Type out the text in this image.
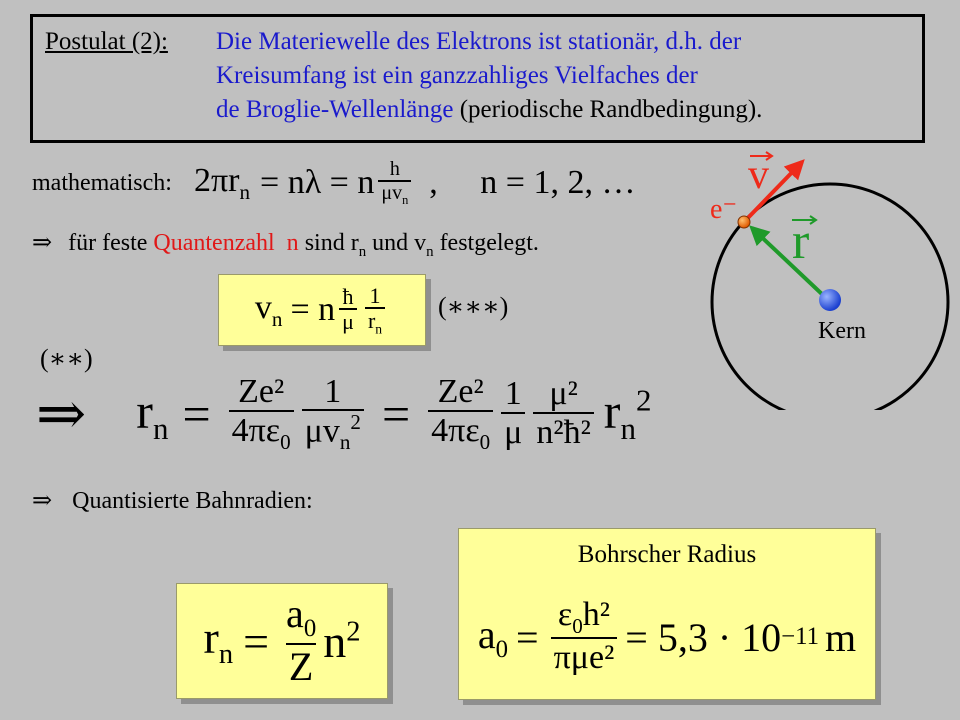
Postulat (2): Die Materiewelle des Elektrons ist stationär, d.h. der
Kreisumfang ist ein ganzzahliges Vielfaches der
de Broglie-Wellenlänge (periodische Randbedingung).
mathematisch: $2\pi r_n = n\lambda = n \frac{h}{\mu v_n}$ ,     n = 1, 2, …
⇒ für feste Quantenzahl  n sind $r_n$ und $v_n$ festgelegt.
$v_n = n \frac{ħ}{\mu} \frac{1}{r_n}$ (∗∗∗)
(∗∗)
⇒ $r_n = \frac{\text{Ze²}}{4\pi\varepsilon_0} \frac{1}{\mu v_n^2} = \frac{\text{Ze²}}{4\pi\varepsilon_0} \frac{1}{\mu} \frac{\text{μ²}}{\text{n²ħ²}} r_n^2$
⇒ Quantisierte Bahnradien:
$r_n = \frac{a_0}{Z} n^2$
Bohrscher Radius
$a_0 = \frac{\varepsilon_0h^2}{\text{πμe²}} = 5,3 \cdot 10 -11$ m
Kern
e⁻
v
r
